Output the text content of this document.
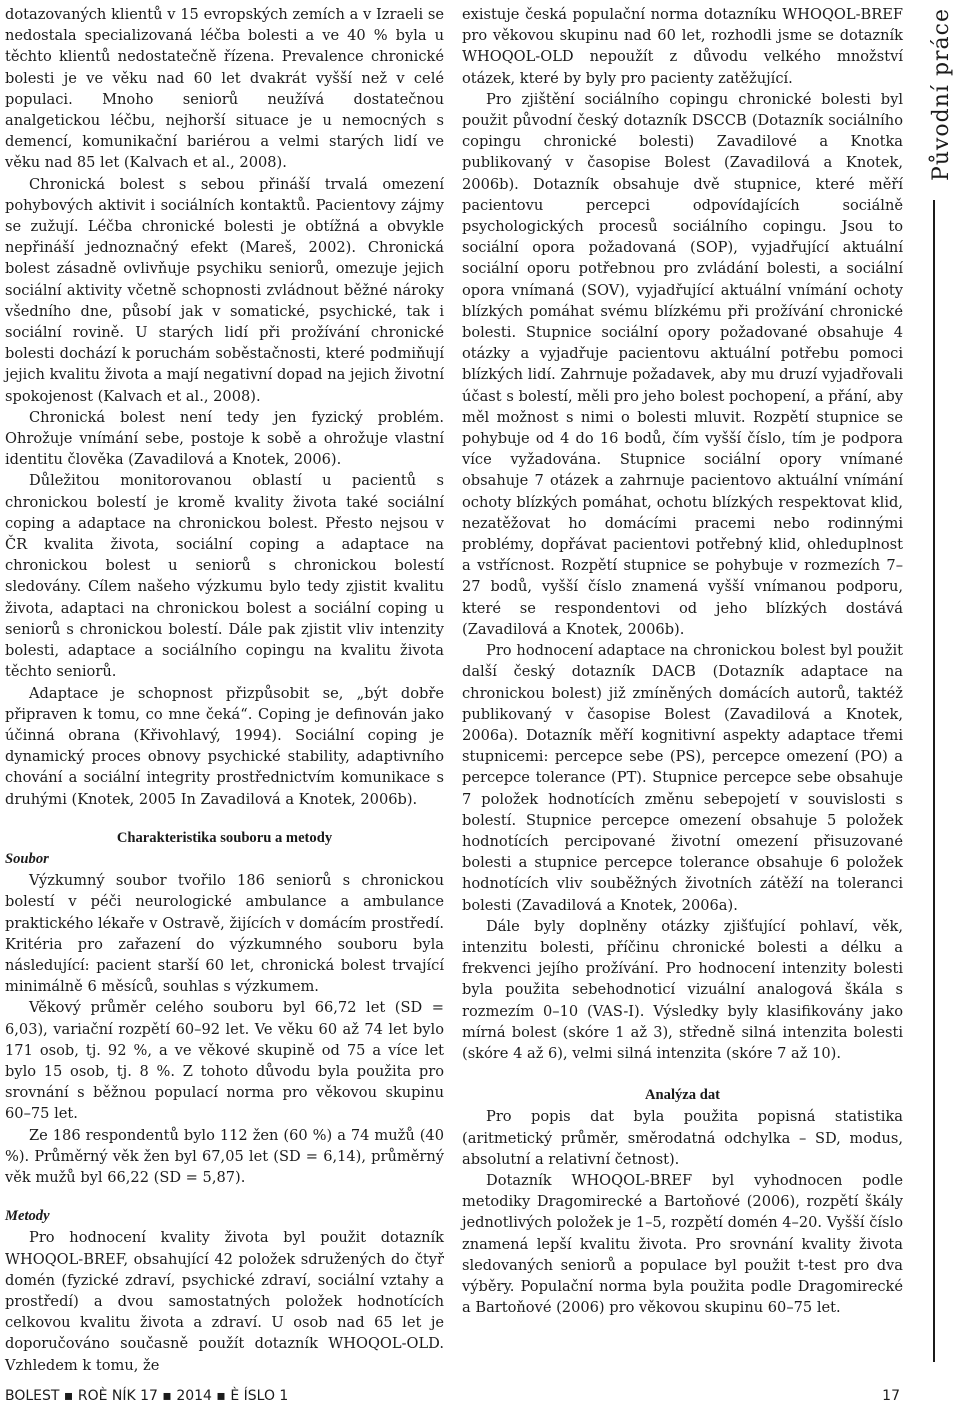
dotazovaných klientů v 15 evropských zemích a v Izraeli se nedostala specializovaná léčba bolesti a ve 40 % byla u těchto klientů nedostatečně řízena. Prevalence chronické bolesti je ve věku nad 60 let dvakrát vyšší než v celé populaci. Mnoho seniorů neužívá dostatečnou analgetickou léčbu, nejhorší situace je u nemocných s demencí, komunikační bariérou a velmi starých lidí ve věku nad 85 let (Kalvach et al., 2008).

Chronická bolest s sebou přináší trvalá omezení pohybových aktivit i sociálních kontaktů. Pacientovy zájmy se zužují. Léčba chronické bolesti je obtížná a obvykle nepřináší jednoznačný efekt (Mareš, 2002). Chronická bolest zásadně ovlivňuje psychiku seniorů, omezuje jejich sociální aktivity včetně schopnosti zvládnout běžné nároky všedního dne, působí jak v somatické, psychické, tak i sociální rovině. U starých lidí při prožívání chronické bolesti dochází k poruchám soběstačnosti, které podmiňují jejich kvalitu života a mají negativní dopad na jejich životní spokojenost (Kalvach et al., 2008).

Chronická bolest není tedy jen fyzický problém. Ohrožuje vnímání sebe, postoje k sobě a ohrožuje vlastní identitu člověka (Zavadilová a Knotek, 2006).

Důležitou monitorovanou oblastí u pacientů s chronickou bolestí je kromě kvality života také sociální coping a adaptace na chronickou bolest. Přesto nejsou v ČR kvalita života, sociální coping a adaptace na chronickou bolest u seniorů s chronickou bolestí sledovány. Cílem našeho výzkumu bylo tedy zjistit kvalitu života, adaptaci na chronickou bolest a sociální coping u seniorů s chronickou bolestí. Dále pak zjistit vliv intenzity bolesti, adaptace a sociálního copingu na kvalitu života těchto seniorů.

Adaptace je schopnost přizpůsobit se, „být dobře připraven k tomu, co mne čeká“. Coping je definován jako účinná obrana (Křivohlavý, 1994). Sociální coping je dynamický proces obnovy psychické stability, adaptivního chování a sociální integrity prostřednictvím komunikace s druhými (Knotek, 2005 In Zavadilová a Knotek, 2006b).

Charakteristika souboru a metody

Soubor

Výzkumný soubor tvořilo 186 seniorů s chronickou bolestí v péči neurologické ambulance a ambulance praktického lékaře v Ostravě, žijících v domácím prostředí. Kritéria pro zařazení do výzkumného souboru byla následující: pacient starší 60 let, chronická bolest trvající minimálně 6 měsíců, souhlas s výzkumem.

Věkový průměr celého souboru byl 66,72 let (SD = 6,03), variační rozpětí 60–92 let. Ve věku 60 až 74 let bylo 171 osob, tj. 92 %, a ve věkové skupině od 75 a více let bylo 15 osob, tj. 8 %. Z tohoto důvodu byla použita pro srovnání s běžnou populací norma pro věkovou skupinu 60–75 let.

Ze 186 respondentů bylo 112 žen (60 %) a 74 mužů (40 %). Průměrný věk žen byl 67,05 let (SD = 6,14), průměrný věk mužů byl 66,22 (SD = 5,87).

Metody

Pro hodnocení kvality života byl použit dotazník WHOQOL-BREF, obsahující 42 položek sdružených do čtyř domén (fyzické zdraví, psychické zdraví, sociální vztahy a prostředí) a dvou samostatných položek hodnotících celkovou kvalitu života a zdraví. U osob nad 65 let je doporučováno současně použít dotazník WHOQOL-OLD. Vzhledem k tomu, že

existuje česká populační norma dotazníku WHOQOL-BREF pro věkovou skupinu nad 60 let, rozhodli jsme se dotazník WHOQOL-OLD nepoužít z důvodu velkého množství otázek, které by byly pro pacienty zatěžující.

Pro zjištění sociálního copingu chronické bolesti byl použit původní český dotazník DSCCB (Dotazník sociálního copingu chronické bolesti) Zavadilové a Knotka publikovaný v časopise Bolest (Zavadilová a Knotek, 2006b). Dotazník obsahuje dvě stupnice, které měří pacientovu percepci odpovídajících sociálně psychologických procesů sociálního copingu. Jsou to sociální opora požadovaná (SOP), vyjadřující aktuální sociální oporu potřebnou pro zvládání bolesti, a sociální opora vnímaná (SOV), vyjadřující aktuální vnímání ochoty blízkých pomáhat svému blízkému při prožívání chronické bolesti. Stupnice sociální opory požadované obsahuje 4 otázky a vyjadřuje pacientovu aktuální potřebu pomoci blízkých lidí. Zahrnuje požadavek, aby mu druzí vyjadřovali účast s bolestí, měli pro jeho bolest pochopení, a přání, aby měl možnost s nimi o bolesti mluvit. Rozpětí stupnice se pohybuje od 4 do 16 bodů, čím vyšší číslo, tím je podpora více vyžadována. Stupnice sociální opory vnímané obsahuje 7 otázek a zahrnuje pacientovo aktuální vnímání ochoty blízkých pomáhat, ochotu blízkých respektovat klid, nezatěžovat ho domácími pracemi nebo rodinnými problémy, dopřávat pacientovi potřebný klid, ohleduplnost a vstřícnost. Rozpětí stupnice se pohybuje v rozmezích 7–27 bodů, vyšší číslo znamená vyšší vnímanou podporu, které se respondentovi od jeho blízkých dostává (Zavadilová a Knotek, 2006b).

Pro hodnocení adaptace na chronickou bolest byl použit další český dotazník DACB (Dotazník adaptace na chronickou bolest) již zmíněných domácích autorů, taktéž publikovaný v časopise Bolest (Zavadilová a Knotek, 2006a). Dotazník měří kognitivní aspekty adaptace třemi stupnicemi: percepce sebe (PS), percepce omezení (PO) a percepce tolerance (PT). Stupnice percepce sebe obsahuje 7 položek hodnotících změnu sebepojetí v souvislosti s bolestí. Stupnice percepce omezení obsahuje 5 položek hodnotících percipované životní omezení přisuzované bolesti a stupnice percepce tolerance obsahuje 6 položek hodnotících vliv souběžných životních zátěží na toleranci bolesti (Zavadilová a Knotek, 2006a).

Dále byly doplněny otázky zjišťující pohlaví, věk, intenzitu bolesti, příčinu chronické bolesti a délku a frekvenci jejího prožívání. Pro hodnocení intenzity bolesti byla použita sebehodnoticí vizuální analogová škála s rozmezím 0–10 (VAS-I). Výsledky byly klasifikovány jako mírná bolest (skóre 1 až 3), středně silná intenzita bolesti (skóre 4 až 6), velmi silná intenzita (skóre 7 až 10).

Analýza dat

Pro popis dat byla použita popisná statistika (aritmetický průměr, směrodatná odchylka – SD, modus, absolutní a relativní četnost).

Dotazník WHOQOL-BREF byl vyhodnocen podle metodiky Dragomirecké a Bartoňové (2006), rozpětí škály jednotlivých položek je 1–5, rozpětí domén 4–20. Vyšší číslo znamená lepší kvalitu života. Pro srovnání kvality života sledovaných seniorů a populace byl použit t-test pro dva výběry. Populační norma byla použita podle Dragomirecké a Bartoňové (2006) pro věkovou skupinu 60–75 let.

Původní práce
BOLEST ▪ ROÈ NÍK 17 ▪ 2014 ▪ È ÍSLO 1	17
